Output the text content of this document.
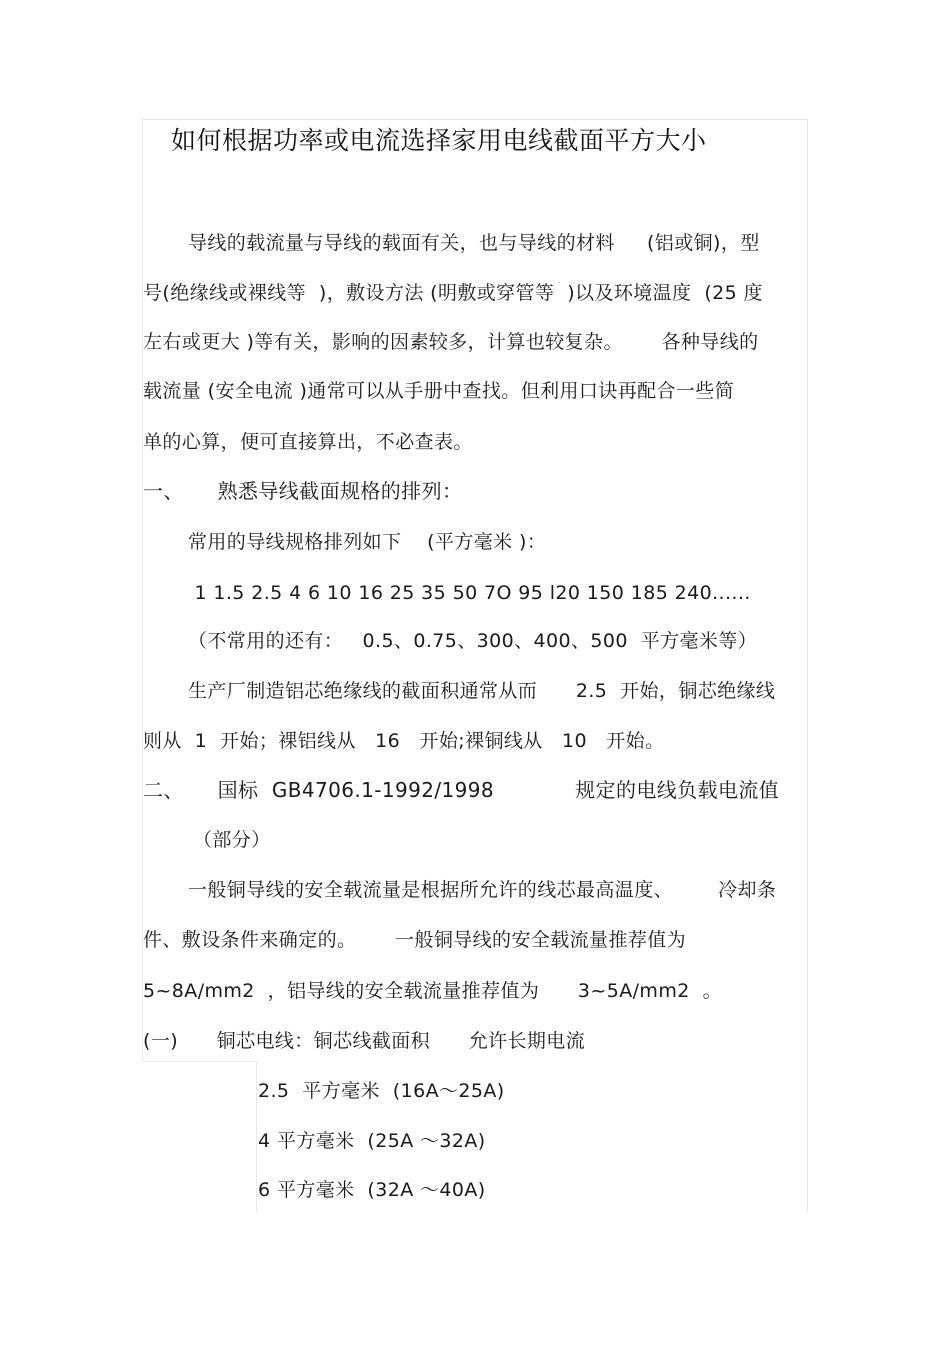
如何根据功率或电流选择家用电线截面平方大小
导线的载流量与导线的载面有关，也与导线的材料     (铝或铜)，型
号(绝缘线或裸线等  )，敷设方法 (明敷或穿管等  )以及环境温度  (25 度
左右或更大 )等有关，影响的因素较多，计算也较复杂。      各种导线的
载流量 (安全电流 )通常可以从手册中查找。但利用口诀再配合一些简
单的心算，便可直接算出，不必查表。
一、     熟悉导线截面规格的排列：
常用的导线规格排列如下    (平方毫米 )：
1 1.5 2.5 4 6 10 16 25 35 50 7O 95 l20 150 185 240......
（不常用的还有：   0.5、0.75、300、400、500  平方毫米等）
生产厂制造铝芯绝缘线的截面积通常从而      2.5  开始，铜芯绝缘线
则从  1  开始；裸铝线从   16   开始;裸铜线从   10   开始。
二、     国标  GB4706.1-1992/1998            规定的电线负载电流值
（部分）
一般铜导线的安全载流量是根据所允许的线芯最高温度、       冷却条
件、敷设条件来确定的。      一般铜导线的安全载流量推荐值为
5~8A/mm2  ，铝导线的安全载流量推荐值为      3~5A/mm2  。
(一)      铜芯电线：铜芯线截面积      允许长期电流
2.5  平方毫米  (16A～25A)
4 平方毫米  (25A ～32A)
6 平方毫米  (32A ～40A)
